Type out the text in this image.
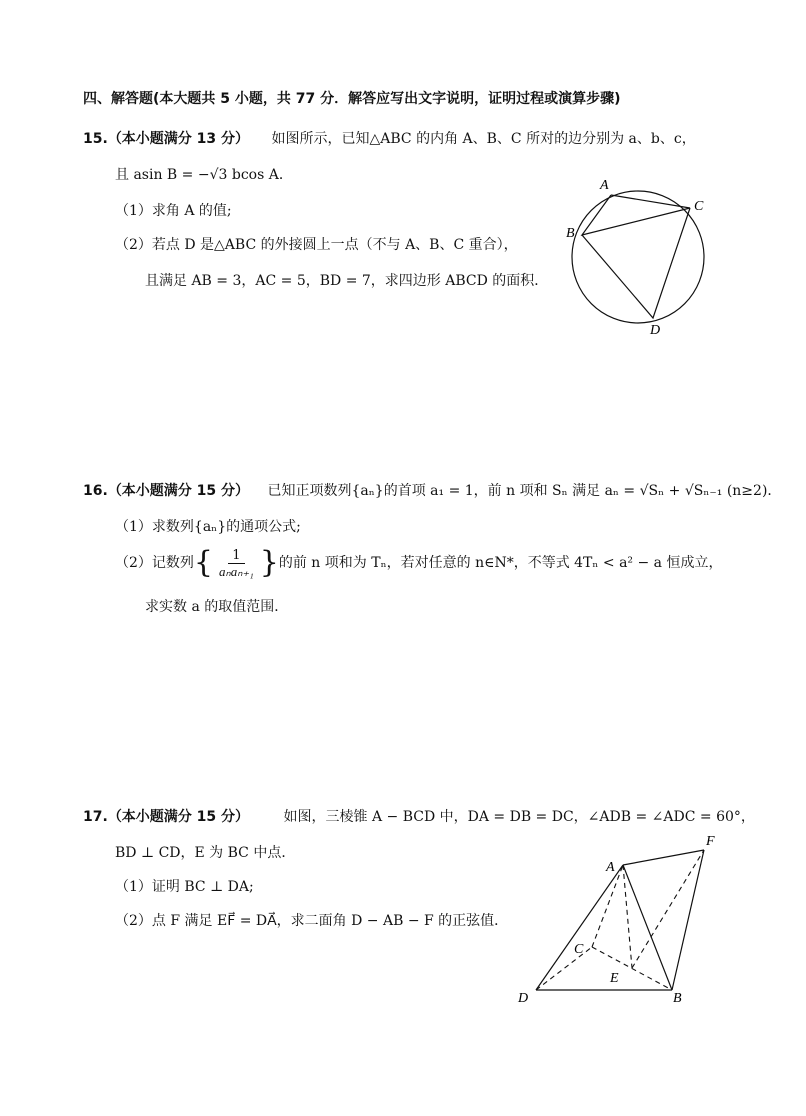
四、解答题(本大题共 5 小题，共 77 分．解答应写出文字说明，证明过程或演算步骤)
15.（本小题满分 13 分） 如图所示，已知△ABC 的内角 A、B、C 所对的边分别为 a、b、c，
且 asin B = −√3 bcos A．
（1）求角 A 的值;
（2）若点 D 是△ABC 的外接圆上一点（不与 A、B、C 重合），
且满足 AB = 3，AC = 5，BD = 7，求四边形 ABCD 的面积．
A
C
B
D
16.（本小题满分 15 分） 已知正项数列{aₙ}的首项 a₁ = 1，前 n 项和 Sₙ 满足 aₙ = √Sₙ + √Sₙ₋₁ (n≥2)．
（1）求数列{aₙ}的通项公式;
（2）记数列 { $\frac{1}{\text{aₙaₙ₊₁}}$ } 的前 n 项和为 Tₙ，若对任意的 n∈N*，不等式 4Tₙ < a² − a 恒成立，
求实数 a 的取值范围．
17.（本小题满分 15 分） 如图，三棱锥 A − BCD 中，DA = DB = DC，∠ADB = ∠ADC = 60°，
BD ⊥ CD，E 为 BC 中点．
（1）证明 BC ⊥ DA;
（2）点 F 满足 EF⃗ = DA⃗，求二面角 D − AB − F 的正弦值．
A
F
C
E
D	B
